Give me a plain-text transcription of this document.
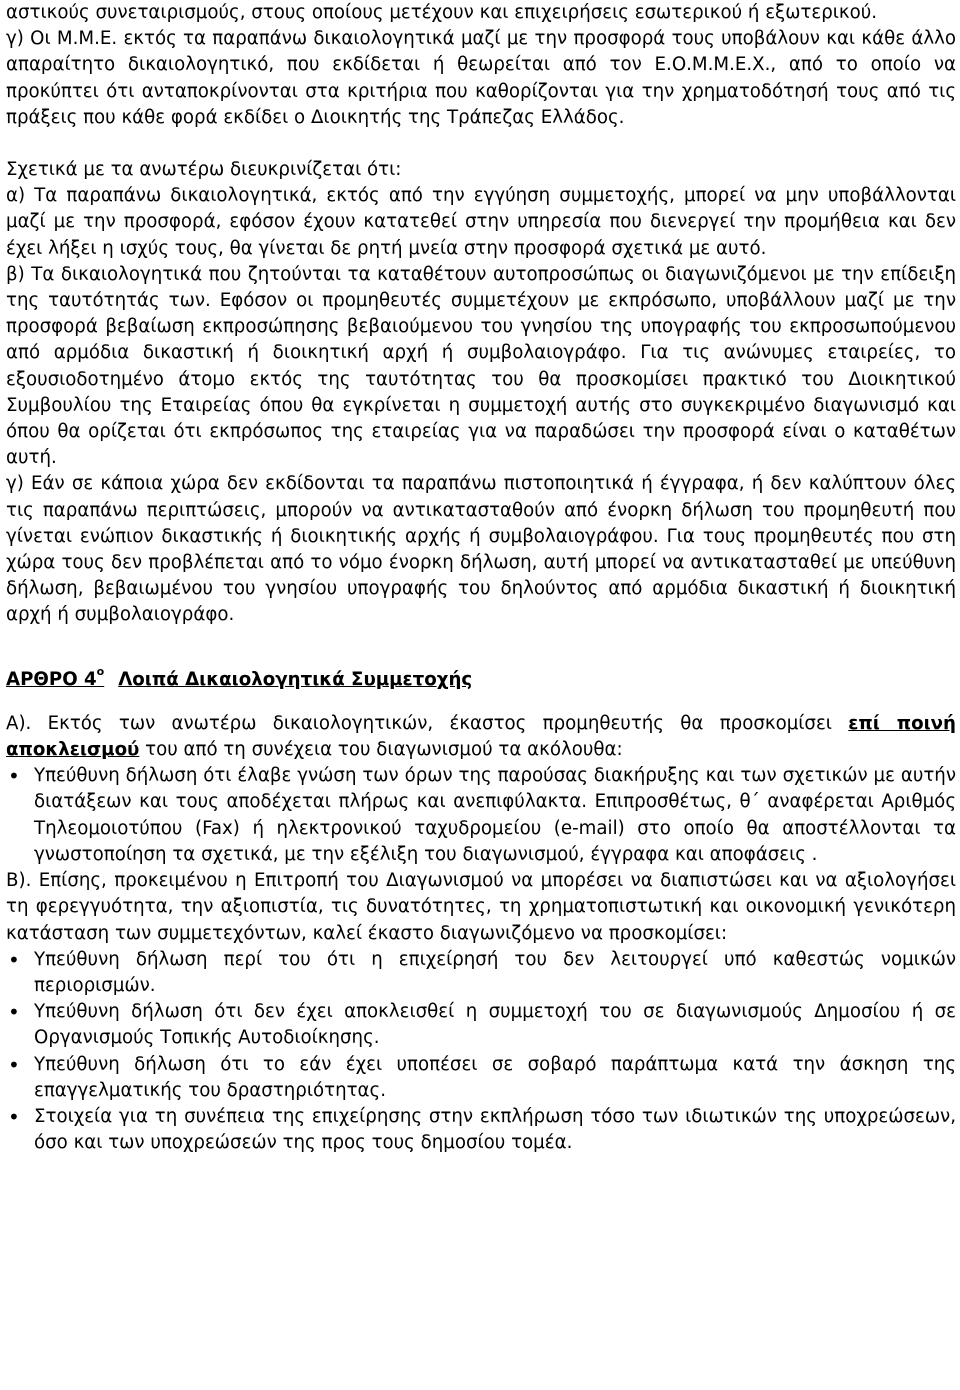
αστικούς συνεταιρισμούς, στους οποίους μετέχουν και επιχειρήσεις εσωτερικού ή εξωτερικού.

γ) Οι Μ.Μ.Ε. εκτός τα παραπάνω δικαιολογητικά μαζί με την προσφορά τους υποβάλουν και κάθε άλλο απαραίτητο δικαιολογητικό, που εκδίδεται ή θεωρείται από τον Ε.Ο.Μ.Μ.Ε.Χ., από το οποίο να προκύπτει ότι ανταποκρίνονται στα κριτήρια που καθορίζονται για την χρηματοδότησή τους από τις πράξεις που κάθε φορά εκδίδει ο Διοικητής της Τράπεζας Ελλάδος.

Σχετικά με τα ανωτέρω διευκρινίζεται ότι:

α) Τα παραπάνω δικαιολογητικά, εκτός από την εγγύηση συμμετοχής, μπορεί να μην υποβάλλονται μαζί με την προσφορά, εφόσον έχουν κατατεθεί στην υπηρεσία που διενεργεί την προμήθεια και δεν έχει λήξει η ισχύς τους, θα γίνεται δε ρητή μνεία στην προσφορά σχετικά με αυτό.

β) Τα δικαιολογητικά που ζητούνται τα καταθέτουν αυτοπροσώπως οι διαγωνιζόμενοι με την επίδειξη της ταυτότητάς των. Εφόσον οι προμηθευτές συμμετέχουν με εκπρόσωπο, υποβάλλουν μαζί με την προσφορά βεβαίωση εκπροσώπησης βεβαιούμενου του γνησίου της υπογραφής του εκπροσωπούμενου από αρμόδια δικαστική ή διοικητική αρχή ή συμβολαιογράφο. Για τις ανώνυμες εταιρείες, το εξουσιοδοτημένο άτομο εκτός της ταυτότητας του θα προσκομίσει πρακτικό του Διοικητικού Συμβουλίου της Εταιρείας όπου θα εγκρίνεται η συμμετοχή αυτής στο συγκεκριμένο διαγωνισμό και όπου θα ορίζεται ότι εκπρόσωπος της εταιρείας για να παραδώσει την προσφορά είναι ο καταθέτων αυτή.

γ) Εάν σε κάποια χώρα δεν εκδίδονται τα παραπάνω πιστοποιητικά ή έγγραφα, ή δεν καλύπτουν όλες τις παραπάνω περιπτώσεις, μπορούν να αντικατασταθούν από ένορκη δήλωση του προμηθευτή που γίνεται ενώπιον δικαστικής ή διοικητικής αρχής ή συμβολαιογράφου. Για τους προμηθευτές που στη χώρα τους δεν προβλέπεται από το νόμο ένορκη δήλωση, αυτή μπορεί να αντικατασταθεί με υπεύθυνη δήλωση, βεβαιωμένου του γνησίου υπογραφής του δηλούντος από αρμόδια δικαστική ή διοικητική αρχή ή συμβολαιογράφο.

ΑΡΘΡΟ $4^o$ Λοιπά Δικαιολογητικά Συμμετοχής

Α). Εκτός των ανωτέρω δικαιολογητικών, έκαστος προμηθευτής θα προσκομίσει επί ποινή αποκλεισμού του από τη συνέχεια του διαγωνισμού τα ακόλουθα:

• Υπεύθυνη δήλωση ότι έλαβε γνώση των όρων της παρούσας διακήρυξης και των σχετικών με αυτήν διατάξεων και τους αποδέχεται πλήρως και ανεπιφύλακτα. Επιπροσθέτως, θ΄ αναφέρεται Αριθμός Τηλεομοιοτύπου (Fax) ή ηλεκτρονικού ταχυδρομείου (e-mail) στο οποίο θα αποστέλλονται τα γνωστοποίηση τα σχετικά, με την εξέλιξη του διαγωνισμού, έγγραφα και αποφάσεις .

Β). Επίσης, προκειμένου η Επιτροπή του Διαγωνισμού να μπορέσει να διαπιστώσει και να αξιολογήσει τη φερεγγυότητα, την αξιοπιστία, τις δυνατότητες, τη χρηματοπιστωτική και οικονομική γενικότερη κατάσταση των συμμετεχόντων, καλεί έκαστο διαγωνιζόμενο να προσκομίσει:

• Υπεύθυνη δήλωση περί του ότι η επιχείρησή του δεν λειτουργεί υπό καθεστώς νομικών περιορισμών.
• Υπεύθυνη δήλωση ότι δεν έχει αποκλεισθεί η συμμετοχή του σε διαγωνισμούς Δημοσίου ή σε Οργανισμούς Τοπικής Αυτοδιοίκησης.
• Υπεύθυνη δήλωση ότι το εάν έχει υποπέσει σε σοβαρό παράπτωμα κατά την άσκηση της επαγγελματικής του δραστηριότητας.
• Στοιχεία για τη συνέπεια της επιχείρησης στην εκπλήρωση τόσο των ιδιωτικών της υποχρεώσεων, όσο και των υποχρεώσεών της προς τους δημοσίου τομέα.
